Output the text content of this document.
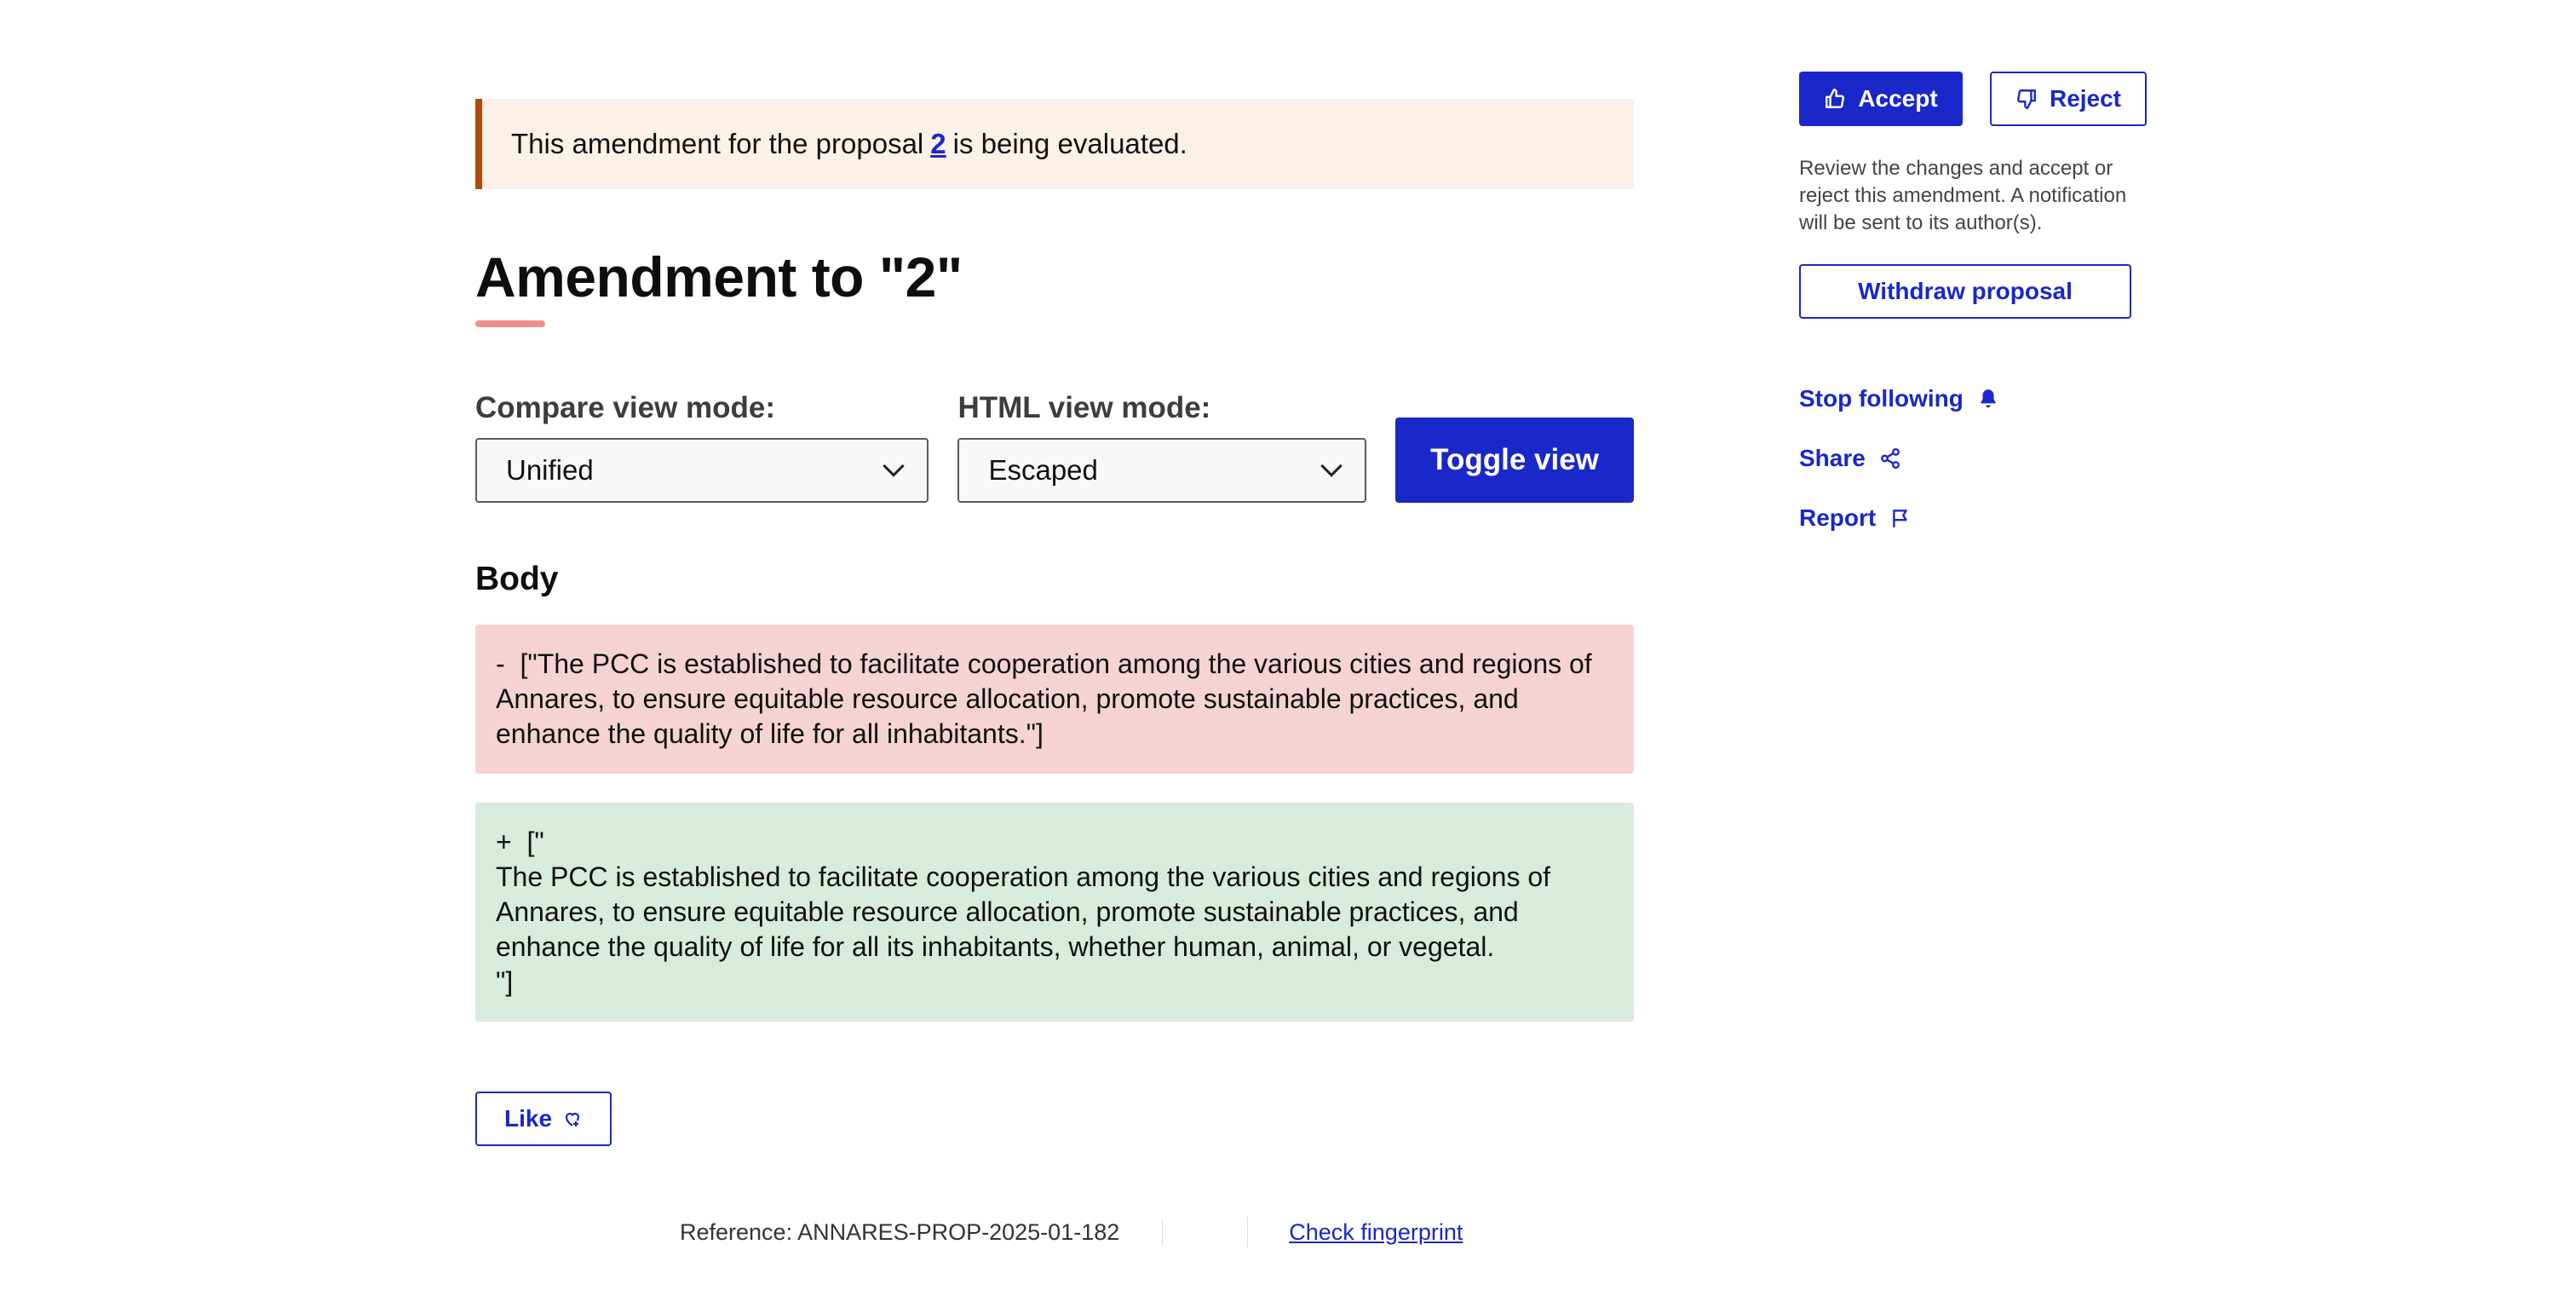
This amendment for the proposal 2 is being evaluated.
Amendment to "2"
Compare view mode:
Unified
HTML view mode:
Escaped	Toggle view
Body
-  ["The PCC is established to facilitate cooperation among the various cities and regions of Annares, to ensure equitable resource allocation, promote sustainable practices, and enhance the quality of life for all inhabitants."]
+  ["
The PCC is established to facilitate cooperation among the various cities and regions of Annares, to ensure equitable resource allocation, promote sustainable practices, and enhance the quality of life for all its inhabitants, whether human, animal, or vegetal.
"]
Like
Reference: ANNARES-PROP-2025-01-182	Check fingerprint
Accept	Reject

Review the changes and accept or reject this amendment. A notification will be sent to its author(s).

Withdraw proposal
Stop following
Share
Report
